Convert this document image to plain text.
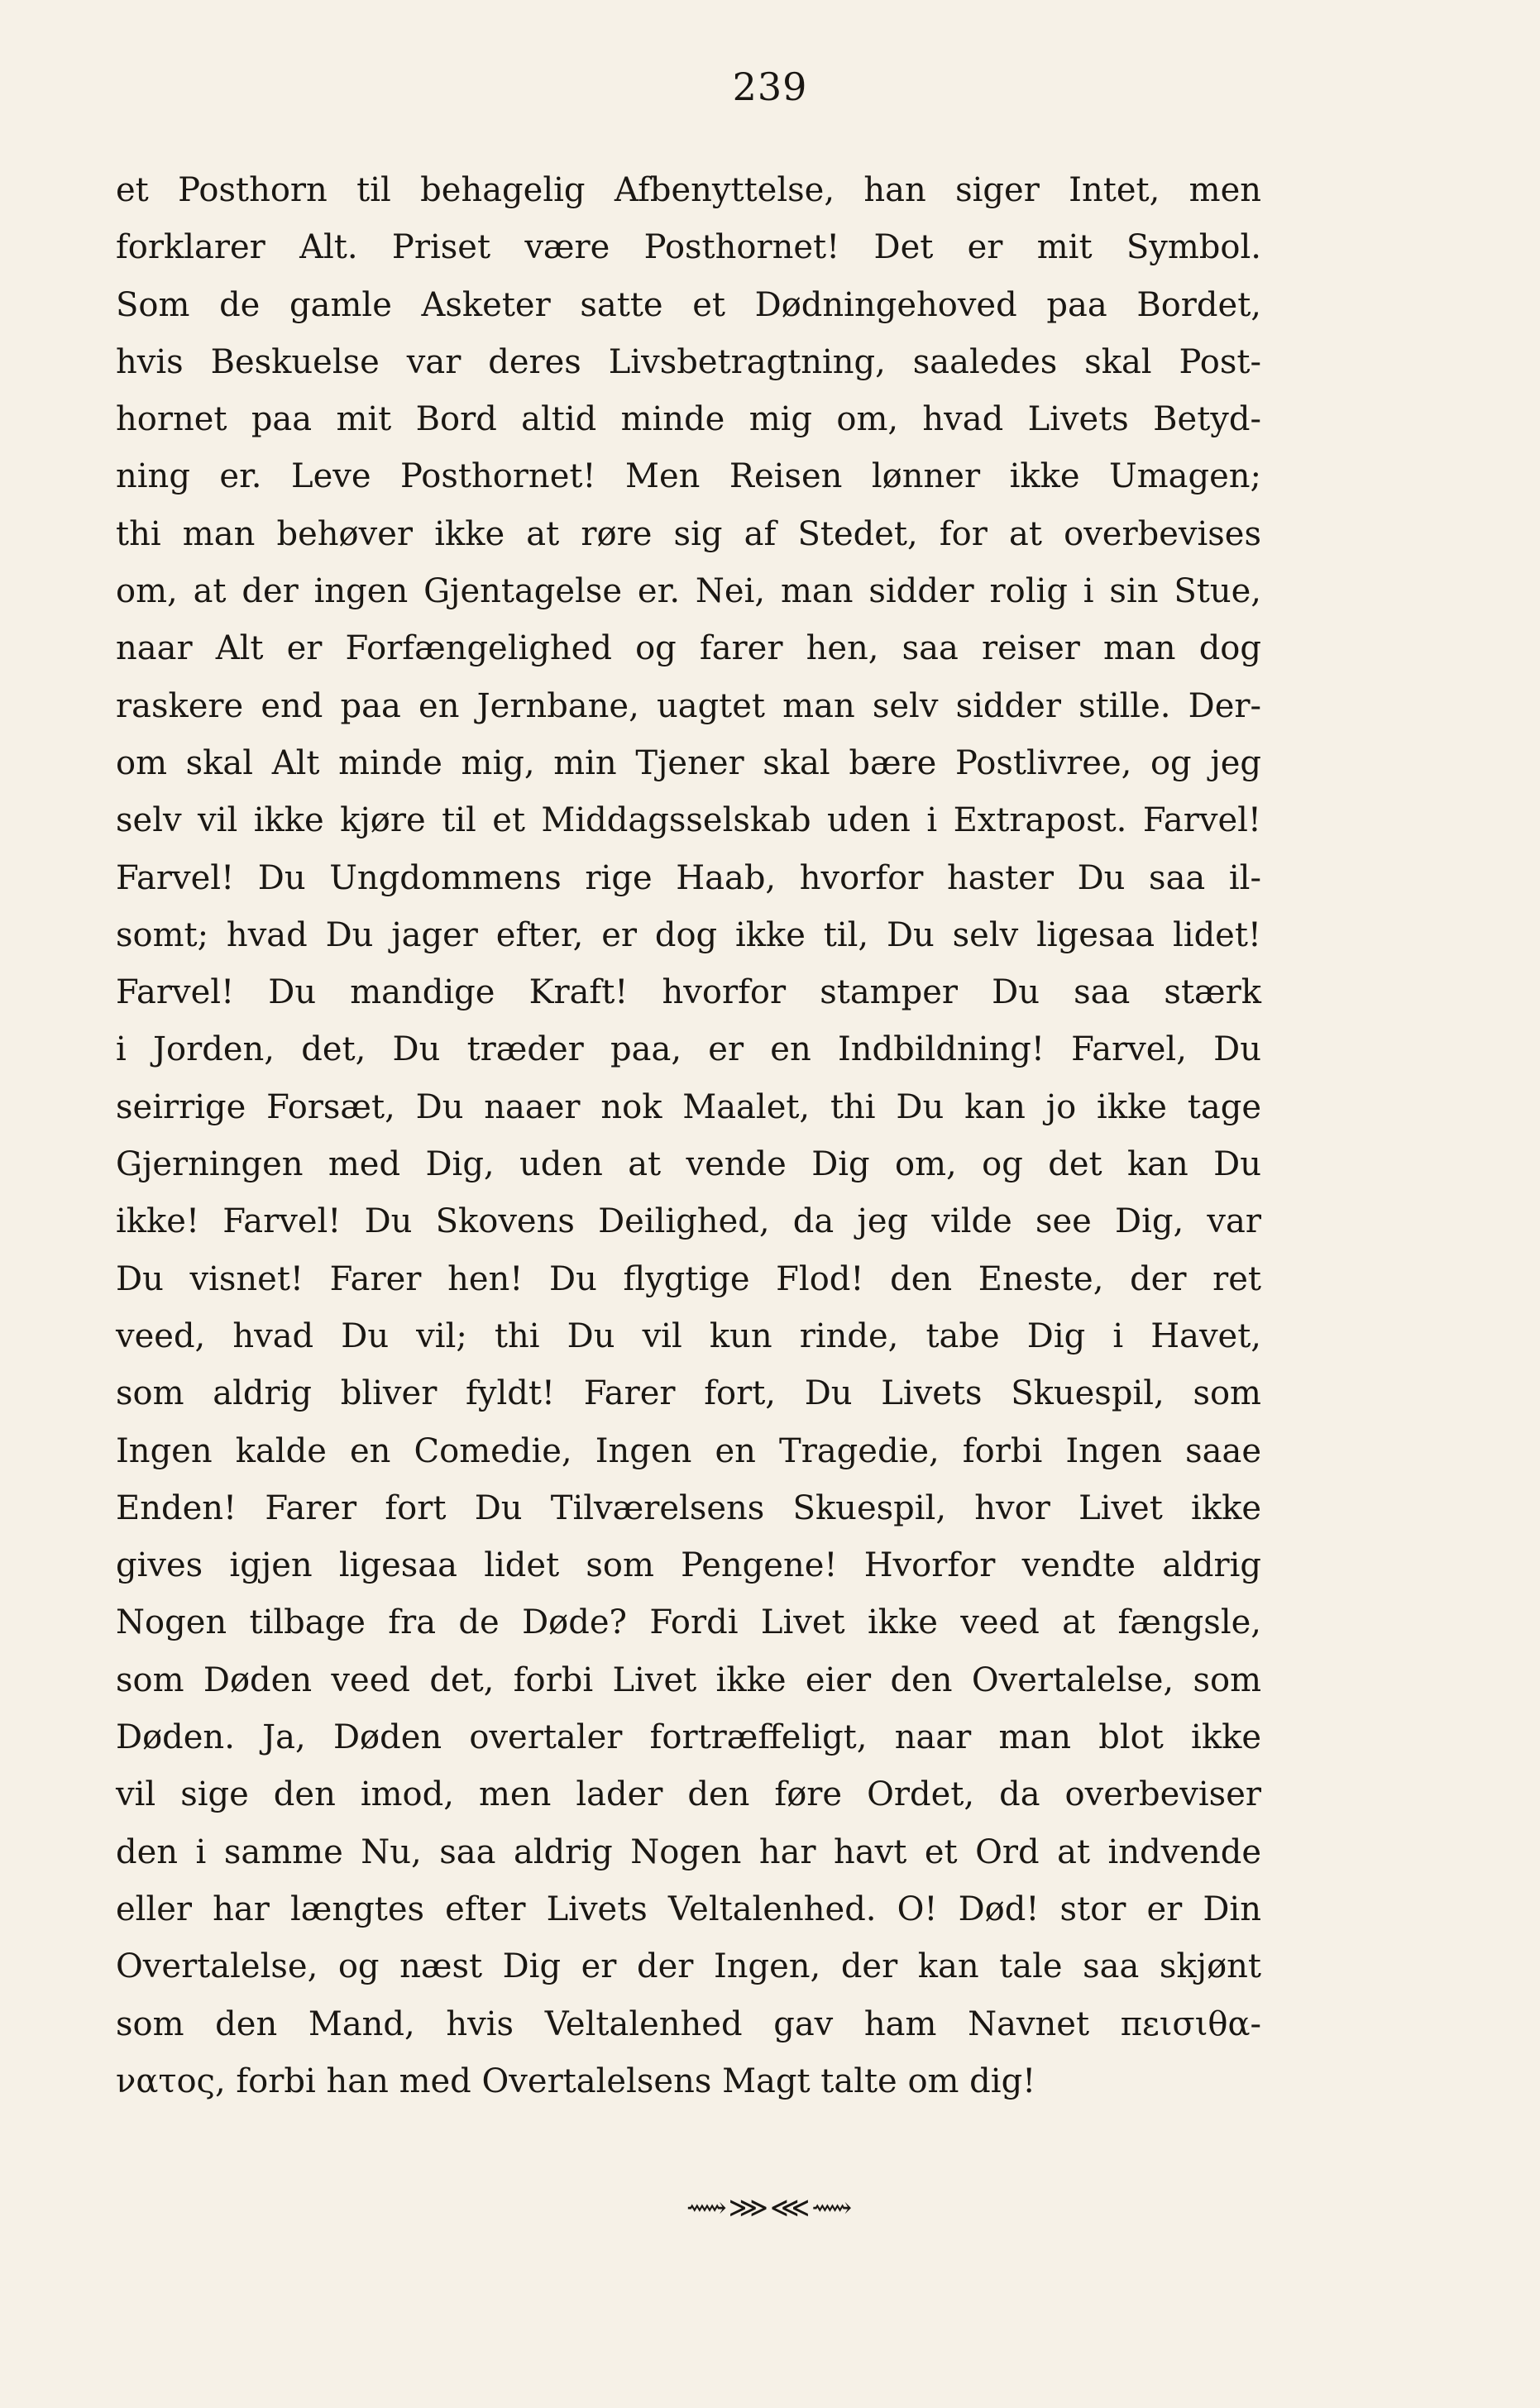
239
et Posthorn til behagelig Afbenyttelse, han siger Intet, men
forklarer Alt. Priset være Posthornet! Det er mit Symbol.
Som de gamle Asketer satte et Dødningehoved paa Bordet,
hvis Beskuelse var deres Livsbetragtning, saaledes skal Post-
hornet paa mit Bord altid minde mig om, hvad Livets Betyd-
ning er. Leve Posthornet! Men Reisen lønner ikke Umagen;
thi man behøver ikke at røre sig af Stedet, for at overbevises
om, at der ingen Gjentagelse er. Nei, man sidder rolig i sin Stue,
naar Alt er Forfængelighed og farer hen, saa reiser man dog
raskere end paa en Jernbane, uagtet man selv sidder stille. Der-
om skal Alt minde mig, min Tjener skal bære Postlivree, og jeg
selv vil ikke kjøre til et Middagsselskab uden i Extrapost. Farvel!
Farvel! Du Ungdommens rige Haab, hvorfor haster Du saa il-
somt; hvad Du jager efter, er dog ikke til, Du selv ligesaa lidet!
Farvel! Du mandige Kraft! hvorfor stamper Du saa stærk
i Jorden, det, Du træder paa, er en Indbildning! Farvel, Du
seirrige Forsæt, Du naaer nok Maalet, thi Du kan jo ikke tage
Gjerningen med Dig, uden at vende Dig om, og det kan Du
ikke! Farvel! Du Skovens Deilighed, da jeg vilde see Dig, var
Du visnet! Farer hen! Du flygtige Flod! den Eneste, der ret
veed, hvad Du vil; thi Du vil kun rinde, tabe Dig i Havet,
som aldrig bliver fyldt! Farer fort, Du Livets Skuespil, som
Ingen kalde en Comedie, Ingen en Tragedie, forbi Ingen saae
Enden! Farer fort Du Tilværelsens Skuespil, hvor Livet ikke
gives igjen ligesaa lidet som Pengene! Hvorfor vendte aldrig
Nogen tilbage fra de Døde? Fordi Livet ikke veed at fængsle,
som Døden veed det, forbi Livet ikke eier den Overtalelse, som
Døden. Ja, Døden overtaler fortræffeligt, naar man blot ikke
vil sige den imod, men lader den føre Ordet, da overbeviser
den i samme Nu, saa aldrig Nogen har havt et Ord at indvende
eller har længtes efter Livets Veltalenhed. O! Død! stor er Din
Overtalelse, og næst Dig er der Ingen, der kan tale saa skjønt
som den Mand, hvis Veltalenhed gav ham Navnet πεισιθα-
νατος, forbi han med Overtalelsens Magt talte om dig!
⟿⋙⋘⟿
